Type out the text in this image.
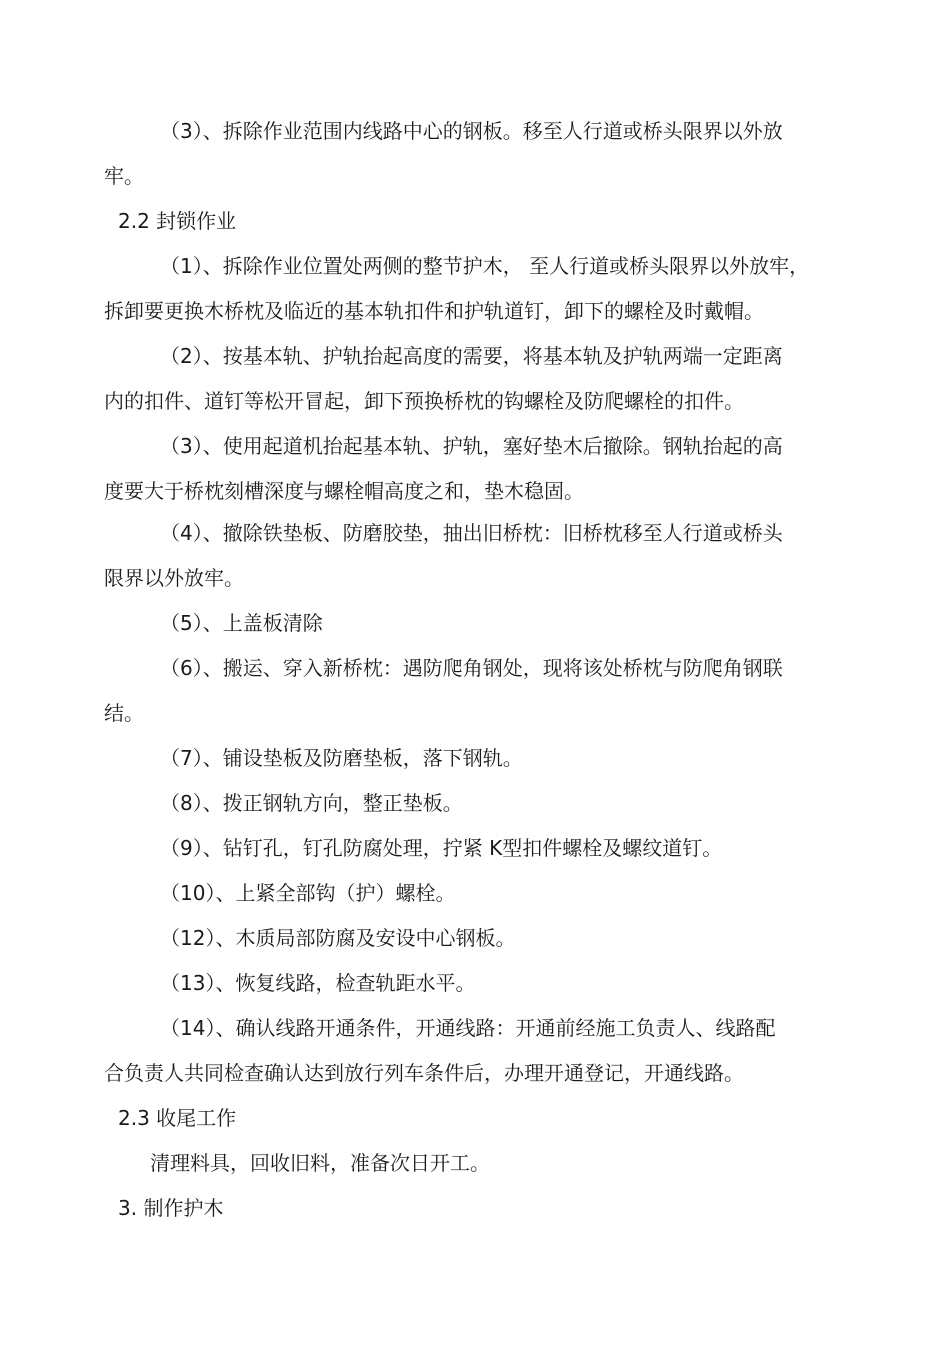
（3）、拆除作业范围内线路中心的钢板。移至人行道或桥头限界以外放
牢。
2.2 封锁作业
（1）、拆除作业位置处两侧的整节护木， 至人行道或桥头限界以外放牢，
拆卸要更换木桥枕及临近的基本轨扣件和护轨道钉，卸下的螺栓及时戴帽。
（2）、按基本轨、护轨抬起高度的需要，将基本轨及护轨两端一定距离
内的扣件、道钉等松开冒起，卸下预换桥枕的钩螺栓及防爬螺栓的扣件。
（3）、使用起道机抬起基本轨、护轨，塞好垫木后撤除。钢轨抬起的高
度要大于桥枕刻槽深度与螺栓帽高度之和，垫木稳固。
（4）、撤除铁垫板、防磨胶垫，抽出旧桥枕：旧桥枕移至人行道或桥头
限界以外放牢。
（5）、上盖板清除
（6）、搬运、穿入新桥枕：遇防爬角钢处，现将该处桥枕与防爬角钢联
结。
（7）、铺设垫板及防磨垫板，落下钢轨。
（8）、拨正钢轨方向，整正垫板。
（9）、钻钉孔，钉孔防腐处理，拧紧 K型扣件螺栓及螺纹道钉。
（10）、上紧全部钩（护）螺栓。
（12）、木质局部防腐及安设中心钢板。
（13）、恢复线路，检查轨距水平。
（14）、确认线路开通条件，开通线路：开通前经施工负责人、线路配
合负责人共同检查确认达到放行列车条件后，办理开通登记，开通线路。
2.3 收尾工作
清理料具，回收旧料，准备次日开工。
3. 制作护木
